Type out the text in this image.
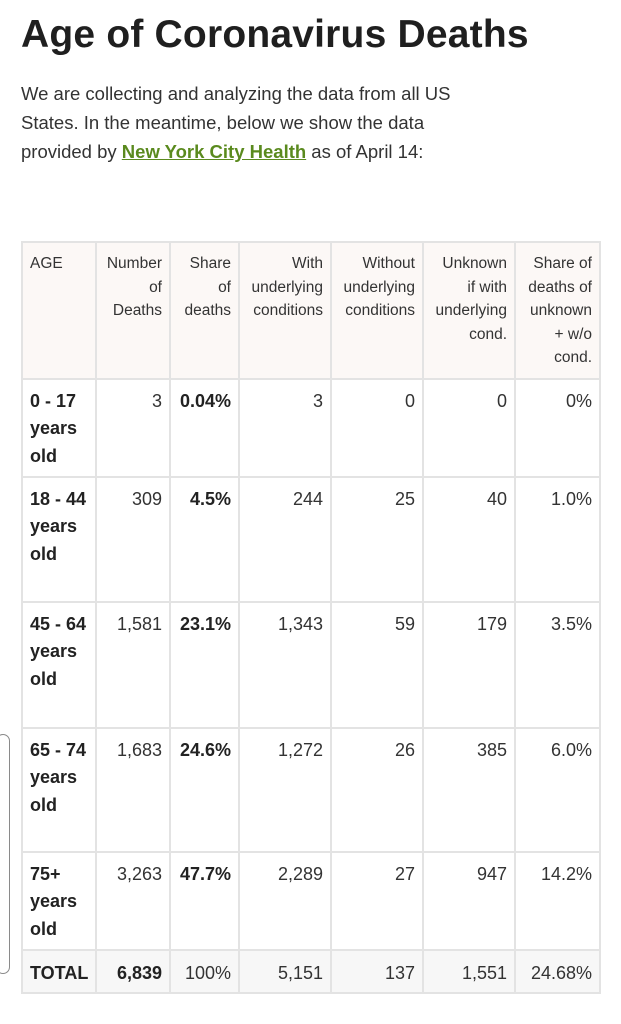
Age of Coronavirus Deaths

We are collecting and analyzing the data from all US States. In the meantime, below we show the data provided by New York City Health as of April 14:

AGE	Number of Deaths	Share of deaths	With underlying conditions	Without underlying conditions	Unknown if with underlying cond.	Share of deaths of unknown + w/o cond.
0 - 17 years old	3	0.04%	3	0	0	0%
18 - 44 years old	309	4.5%	244	25	40	1.0%
45 - 64 years old	1,581	23.1%	1,343	59	179	3.5%
65 - 74 years old	1,683	24.6%	1,272	26	385	6.0%
75+ years old	3,263	47.7%	2,289	27	947	14.2%
TOTAL	6,839	100%	5,151	137	1,551	24.68%
